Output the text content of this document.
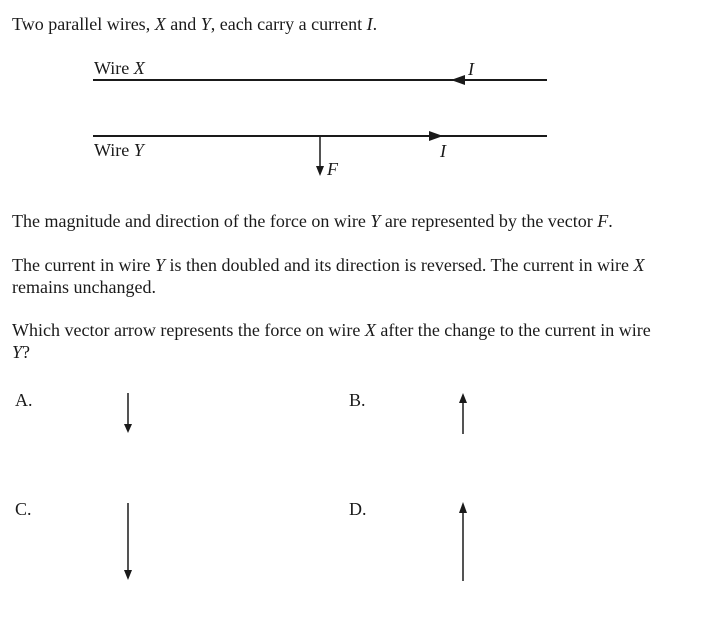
Two parallel wires, X and Y, each carry a current I.
Wire X	I
Wire Y	I
F
The magnitude and direction of the force on wire Y are represented by the vector F.
The current in wire Y is then doubled and its direction is reversed. The current in wire X
remains unchanged.
Which vector arrow represents the force on wire X after the change to the current in wire
Y?
A.	B.
C.	D.
